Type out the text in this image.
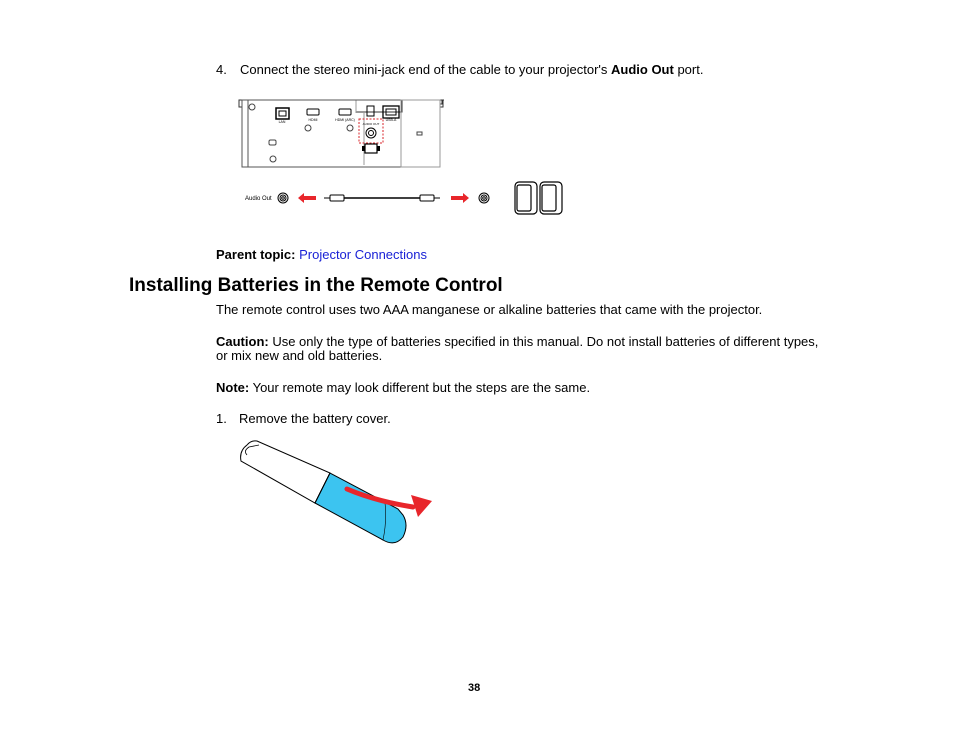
4. Connect the stereo mini-jack end of the cable to your projector's Audio Out port.
LAN	HDMI	HDMI (ARC)	USB-A
AUDIO OUT
Audio Out
Parent topic: Projector Connections
Installing Batteries in the Remote Control
The remote control uses two AAA manganese or alkaline batteries that came with the projector.
Caution: Use only the type of batteries specified in this manual. Do not install batteries of different types,
or mix new and old batteries.
Note: Your remote may look different but the steps are the same.
1. Remove the battery cover.
38
